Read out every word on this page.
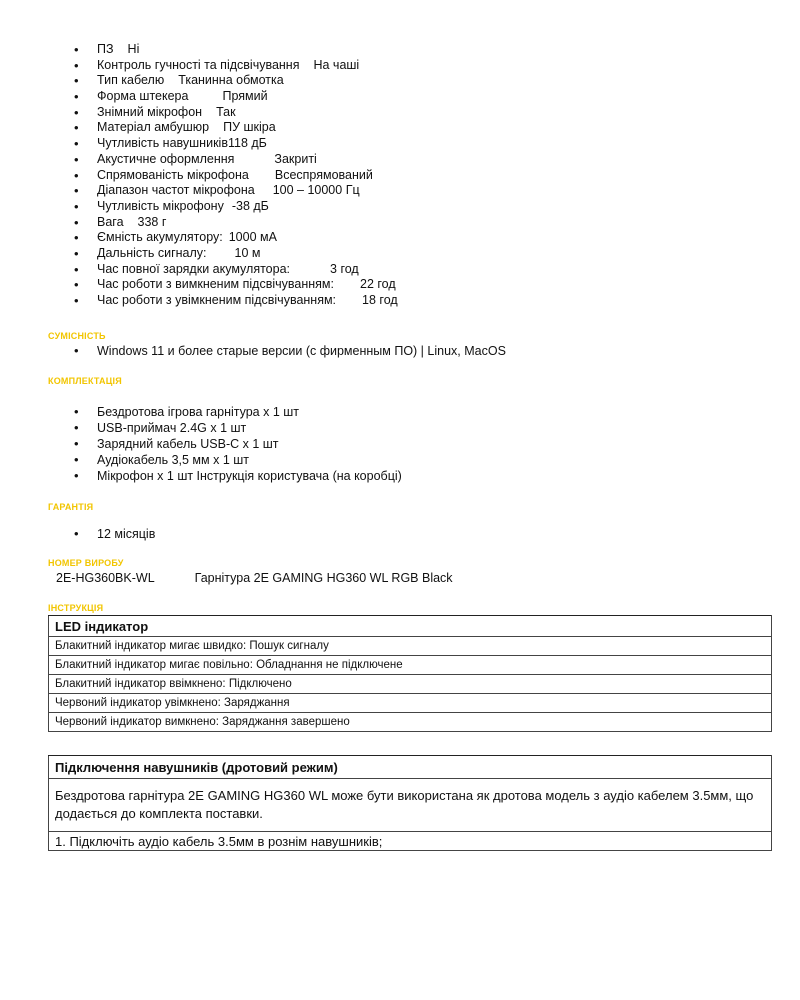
• ПЗ Ні
• Контроль гучності та підсвічування На чаші
• Тип кабелю Тканинна обмотка
• Форма штекера	Прямий
• Знімний мікрофон Так
• Матеріал амбушюр ПУ шкіра
• Чутливість навушників118 дБ
• Акустичне оформлення	Закриті
• Спрямованість мікрофона Всеспрямований
• Діапазон частот мікрофона 100 – 10000 Гц
• Чутливість мікрофону -38 дБ
• Вага 338 г
• Ємність акумулятору: 1000 мА
• Дальність сигналу: 10 м
• Час повної зарядки акумулятора:	3 год
• Час роботи з вимкненим підсвічуванням: 22 год
• Час роботи з увімкненим підсвічуванням: 18 год
СУМІСНІСТЬ
• Windows 11 и более старые версии (с фирменным ПО) | Linux, MacOS
КОМПЛЕКТАЦІЯ
• Бездротова ігрова гарнітура х 1 шт
• USB-приймач 2.4G х 1 шт
• Зарядний кабель USB-C х 1 шт
• Аудіокабель 3,5 мм х 1 шт
• Мікрофон х 1 шт Інструкція користувача (на коробці)
ГАРАНТІЯ
• 12 місяців
НОМЕР ВИРОБУ
2E-HG360BK-WL	Гарнітура 2E GAMING HG360 WL RGB Black
ІНСТРУКЦІЯ
LED індикатор
Блакитний індикатор мигає швидко: Пошук сигналу
Блакитний індикатор мигає повільно: Обладнання не підключене
Блакитний індикатор ввімкнено: Підключено
Червоний індикатор увімкнено: Заряджання
Червоний індикатор вимкнено: Заряджання завершено
Підключення навушників (дротовий режим)
Бездротова гарнітура 2E GAMING HG360 WL може бути використана як дротова модель з аудіо кабелем 3.5мм, що додається до комплекта поставки.
1. Підключіть аудіо кабель 3.5мм в рознім навушників;
